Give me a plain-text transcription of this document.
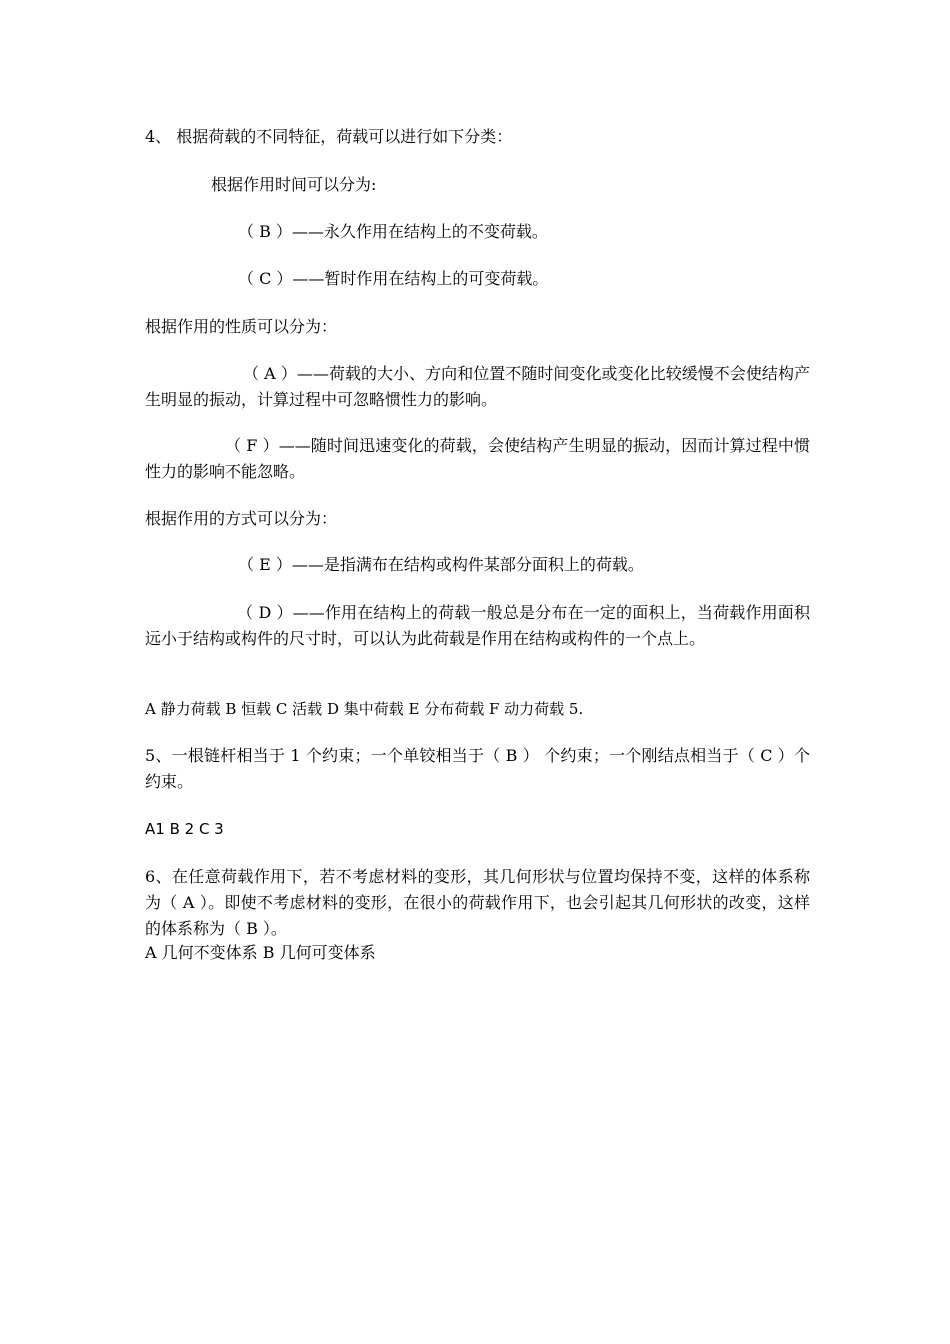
4、 根据荷载的不同特征，荷载可以进行如下分类：
根据作用时间可以分为:
（ B ）——永久作用在结构上的不变荷载。
（ C ）——暂时作用在结构上的可变荷载。
根据作用的性质可以分为：
（ A ）——荷载的大小、方向和位置不随时间变化或变化比较缓慢不会使结构产生明显的振动，计算过程中可忽略惯性力的影响。
（ F ）——随时间迅速变化的荷载，会使结构产生明显的振动，因而计算过程中惯性力的影响不能忽略。
根据作用的方式可以分为：
（ E ）——是指满布在结构或构件某部分面积上的荷载。
（ D ）——作用在结构上的荷载一般总是分布在一定的面积上，当荷载作用面积远小于结构或构件的尺寸时，可以认为此荷载是作用在结构或构件的一个点上。
A 静力荷载 B 恒载 C 活载 D 集中荷载 E 分布荷载 F 动力荷载 5.
5、一根链杆相当于 1 个约束；一个单铰相当于（ B ） 个约束；一个刚结点相当于（ C ）个约束。
A1 B 2 C 3
6、在任意荷载作用下，若不考虑材料的变形，其几何形状与位置均保持不变，这样的体系称为（ A ）。即使不考虑材料的变形，在很小的荷载作用下，也会引起其几何形状的改变，这样的体系称为（ B ）。
A 几何不变体系 B 几何可变体系
